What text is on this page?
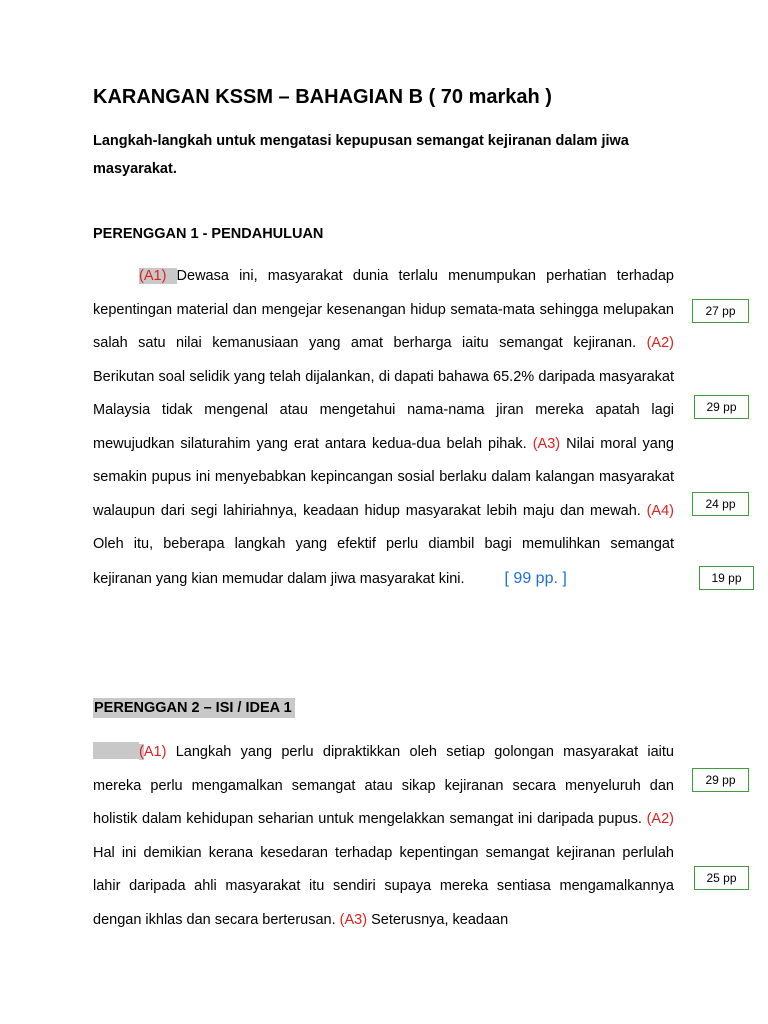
KARANGAN KSSM – BAHAGIAN B ( 70 markah )

Langkah-langkah untuk mengatasi kepupusan semangat kejiranan dalam jiwa masyarakat.

PERENGGAN 1 - PENDAHULUAN

(A1) Dewasa ini, masyarakat dunia terlalu menumpukan perhatian terhadap kepentingan material dan mengejar kesenangan hidup semata-mata sehingga melupakan salah satu nilai kemanusiaan yang amat berharga iaitu semangat kejiranan. (A2) Berikutan soal selidik yang telah dijalankan, di dapati bahawa 65.2% daripada masyarakat Malaysia tidak mengenal atau mengetahui nama-nama jiran mereka apatah lagi mewujudkan silaturahim yang erat antara kedua-dua belah pihak. (A3) Nilai moral yang semakin pupus ini menyebabkan kepincangan sosial berlaku dalam kalangan masyarakat walaupun dari segi lahiriahnya, keadaan hidup masyarakat lebih maju dan mewah. (A4) Oleh itu, beberapa langkah yang efektif perlu diambil bagi memulihkan semangat kejiranan yang kian memudar dalam jiwa masyarakat kini.	[ 99 pp. ]

PERENGGAN 2 – ISI / IDEA 1

(A1) Langkah yang perlu dipraktikkan oleh setiap golongan masyarakat iaitu mereka perlu mengamalkan semangat atau sikap kejiranan secara menyeluruh dan holistik dalam kehidupan seharian untuk mengelakkan semangat ini daripada pupus. (A2) Hal ini demikian kerana kesedaran terhadap kepentingan semangat kejiranan perlulah lahir daripada ahli masyarakat itu sendiri supaya mereka sentiasa mengamalkannya dengan ikhlas dan secara berterusan. (A3) Seterusnya, keadaan

27 pp
29 pp
24 pp
19 pp
29 pp
25 pp
